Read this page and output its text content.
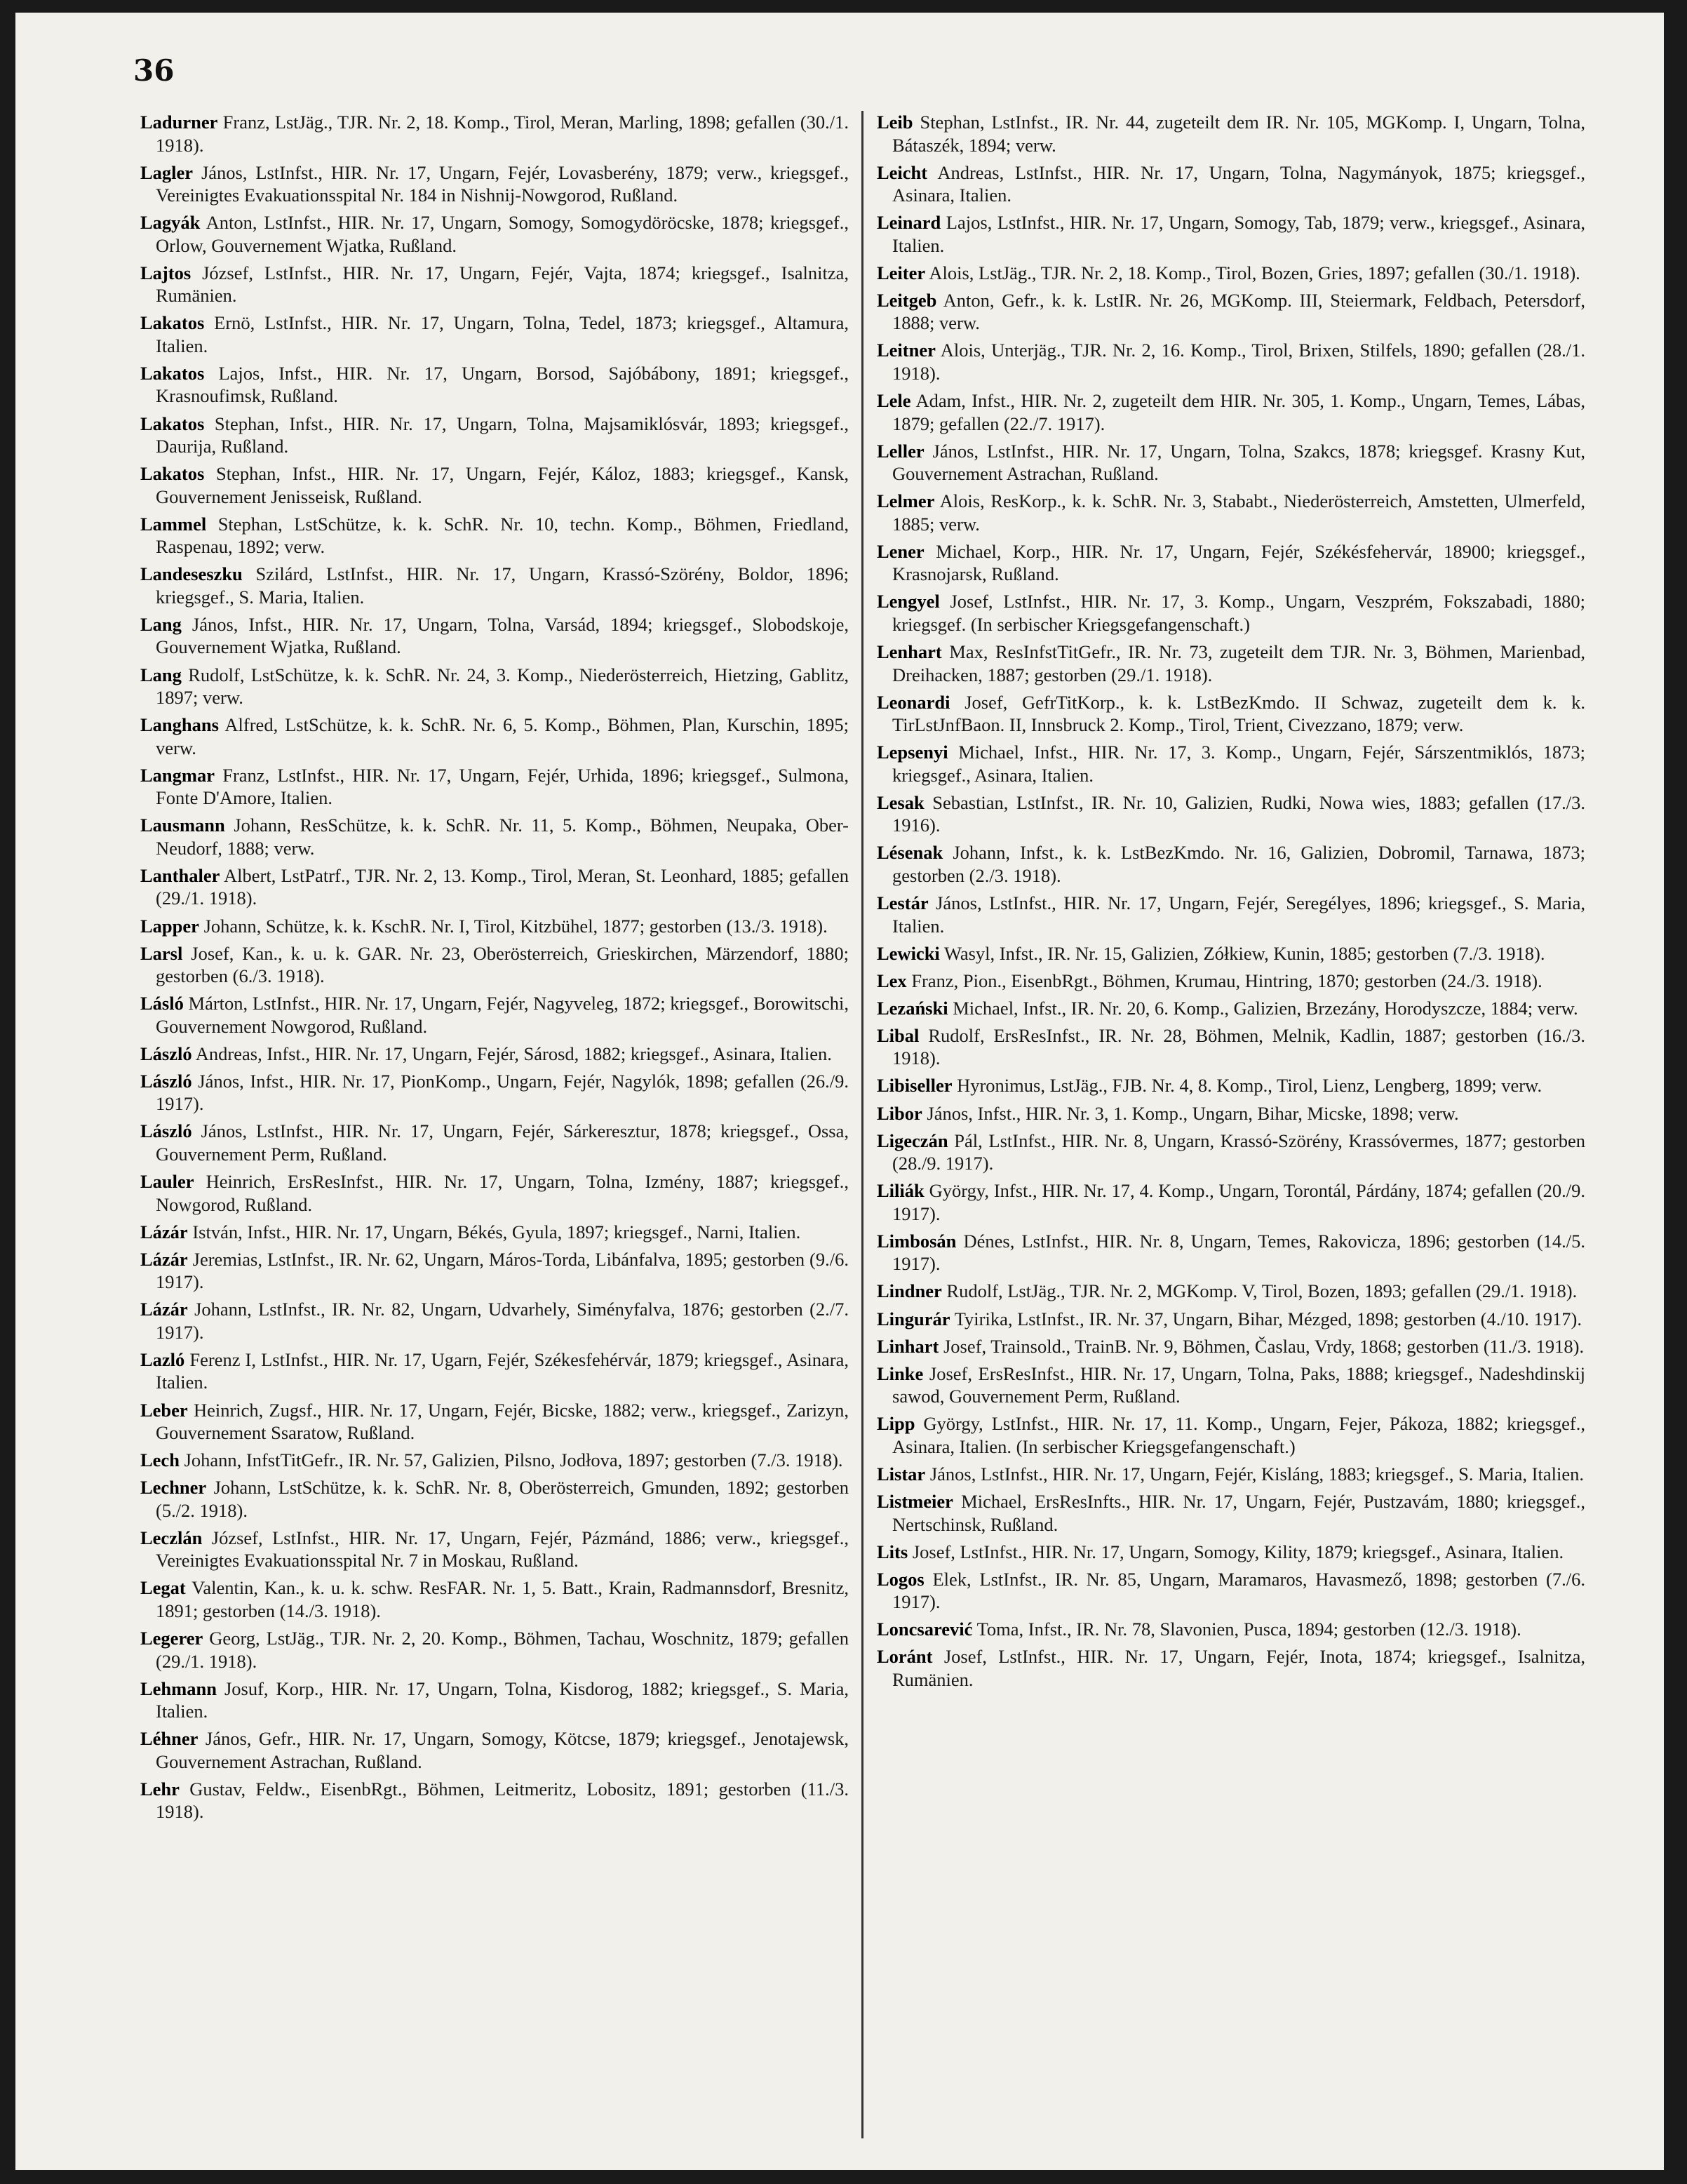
36

Ladurner Franz, LstJäg., TJR. Nr. 2, 18. Komp., Tirol, Meran, Marling, 1898; gefallen (30./1. 1918).

Lagler János, LstInfst., HIR. Nr. 17, Ungarn, Fejér, Lovasberény, 1879; verw., kriegsgef., Vereinigtes Evakuationsspital Nr. 184 in Nishnij-Nowgorod, Rußland.

Lagyák Anton, LstInfst., HIR. Nr. 17, Ungarn, Somogy, Somogydöröcske, 1878; kriegsgef., Orlow, Gouvernement Wjatka, Rußland.

Lajtos József, LstInfst., HIR. Nr. 17, Ungarn, Fejér, Vajta, 1874; kriegsgef., Isalnitza, Rumänien.

Lakatos Ernö, LstInfst., HIR. Nr. 17, Ungarn, Tolna, Tedel, 1873; kriegsgef., Altamura, Italien.

Lakatos Lajos, Infst., HIR. Nr. 17, Ungarn, Borsod, Sajóbábony, 1891; kriegsgef., Krasnoufimsk, Rußland.

Lakatos Stephan, Infst., HIR. Nr. 17, Ungarn, Tolna, Majsamiklósvár, 1893; kriegsgef., Daurija, Rußland.

Lakatos Stephan, Infst., HIR. Nr. 17, Ungarn, Fejér, Káloz, 1883; kriegsgef., Kansk, Gouvernement Jenisseisk, Rußland.

Lammel Stephan, LstSchütze, k. k. SchR. Nr. 10, techn. Komp., Böhmen, Friedland, Raspenau, 1892; verw.

Landeseszku Szilárd, LstInfst., HIR. Nr. 17, Ungarn, Krassó-Szörény, Boldor, 1896; kriegsgef., S. Maria, Italien.

Lang János, Infst., HIR. Nr. 17, Ungarn, Tolna, Varsád, 1894; kriegsgef., Slobodskoje, Gouvernement Wjatka, Rußland.

Lang Rudolf, LstSchütze, k. k. SchR. Nr. 24, 3. Komp., Niederösterreich, Hietzing, Gablitz, 1897; verw.

Langhans Alfred, LstSchütze, k. k. SchR. Nr. 6, 5. Komp., Böhmen, Plan, Kurschin, 1895; verw.

Langmar Franz, LstInfst., HIR. Nr. 17, Ungarn, Fejér, Urhida, 1896; kriegsgef., Sulmona, Fonte D'Amore, Italien.

Lausmann Johann, ResSchütze, k. k. SchR. Nr. 11, 5. Komp., Böhmen, Neupaka, Ober-Neudorf, 1888; verw.

Lanthaler Albert, LstPatrf., TJR. Nr. 2, 13. Komp., Tirol, Meran, St. Leonhard, 1885; gefallen (29./1. 1918).

Lapper Johann, Schütze, k. k. KschR. Nr. I, Tirol, Kitzbühel, 1877; gestorben (13./3. 1918).

Larsl Josef, Kan., k. u. k. GAR. Nr. 23, Oberösterreich, Grieskirchen, Märzendorf, 1880; gestorben (6./3. 1918).

Lásló Márton, LstInfst., HIR. Nr. 17, Ungarn, Fejér, Nagyveleg, 1872; kriegsgef., Borowitschi, Gouvernement Nowgorod, Rußland.

László Andreas, Infst., HIR. Nr. 17, Ungarn, Fejér, Sárosd, 1882; kriegsgef., Asinara, Italien.

László János, Infst., HIR. Nr. 17, PionKomp., Ungarn, Fejér, Nagylók, 1898; gefallen (26./9. 1917).

László János, LstInfst., HIR. Nr. 17, Ungarn, Fejér, Sárkeresztur, 1878; kriegsgef., Ossa, Gouvernement Perm, Rußland.

Lauler Heinrich, ErsResInfst., HIR. Nr. 17, Ungarn, Tolna, Izmény, 1887; kriegsgef., Nowgorod, Rußland.

Lázár István, Infst., HIR. Nr. 17, Ungarn, Békés, Gyula, 1897; kriegsgef., Narni, Italien.

Lázár Jeremias, LstInfst., IR. Nr. 62, Ungarn, Máros-Torda, Libánfalva, 1895; gestorben (9./6. 1917).

Lázár Johann, LstInfst., IR. Nr. 82, Ungarn, Udvarhely, Siményfalva, 1876; gestorben (2./7. 1917).

Lazló Ferenz I, LstInfst., HIR. Nr. 17, Ugarn, Fejér, Székesfehérvár, 1879; kriegsgef., Asinara, Italien.

Leber Heinrich, Zugsf., HIR. Nr. 17, Ungarn, Fejér, Bicske, 1882; verw., kriegsgef., Zarizyn, Gouvernement Ssaratow, Rußland.

Lech Johann, InfstTitGefr., IR. Nr. 57, Galizien, Pilsno, Jodłova, 1897; gestorben (7./3. 1918).

Lechner Johann, LstSchütze, k. k. SchR. Nr. 8, Oberösterreich, Gmunden, 1892; gestorben (5./2. 1918).

Leczlán József, LstInfst., HIR. Nr. 17, Ungarn, Fejér, Pázmánd, 1886; verw., kriegsgef., Vereinigtes Evakuationsspital Nr. 7 in Moskau, Rußland.

Legat Valentin, Kan., k. u. k. schw. ResFAR. Nr. 1, 5. Batt., Krain, Radmannsdorf, Bresnitz, 1891; gestorben (14./3. 1918).

Legerer Georg, LstJäg., TJR. Nr. 2, 20. Komp., Böhmen, Tachau, Woschnitz, 1879; gefallen (29./1. 1918).

Lehmann Josuf, Korp., HIR. Nr. 17, Ungarn, Tolna, Kisdorog, 1882; kriegsgef., S. Maria, Italien.

Léhner János, Gefr., HIR. Nr. 17, Ungarn, Somogy, Kötcse, 1879; kriegsgef., Jenotajewsk, Gouvernement Astrachan, Rußland.

Lehr Gustav, Feldw., EisenbRgt., Böhmen, Leitmeritz, Lobositz, 1891; gestorben (11./3. 1918).

Leib Stephan, LstInfst., IR. Nr. 44, zugeteilt dem IR. Nr. 105, MGKomp. I, Ungarn, Tolna, Bátaszék, 1894; verw.

Leicht Andreas, LstInfst., HIR. Nr. 17, Ungarn, Tolna, Nagymányok, 1875; kriegsgef., Asinara, Italien.

Leinard Lajos, LstInfst., HIR. Nr. 17, Ungarn, Somogy, Tab, 1879; verw., kriegsgef., Asinara, Italien.

Leiter Alois, LstJäg., TJR. Nr. 2, 18. Komp., Tirol, Bozen, Gries, 1897; gefallen (30./1. 1918).

Leitgeb Anton, Gefr., k. k. LstIR. Nr. 26, MGKomp. III, Steiermark, Feldbach, Petersdorf, 1888; verw.

Leitner Alois, Unterjäg., TJR. Nr. 2, 16. Komp., Tirol, Brixen, Stilfels, 1890; gefallen (28./1. 1918).

Lele Adam, Infst., HIR. Nr. 2, zugeteilt dem HIR. Nr. 305, 1. Komp., Ungarn, Temes, Lábas, 1879; gefallen (22./7. 1917).

Leller János, LstInfst., HIR. Nr. 17, Ungarn, Tolna, Szakcs, 1878; kriegsgef. Krasny Kut, Gouvernement Astrachan, Rußland.

Lelmer Alois, ResKorp., k. k. SchR. Nr. 3, Stababt., Niederösterreich, Amstetten, Ulmerfeld, 1885; verw.

Lener Michael, Korp., HIR. Nr. 17, Ungarn, Fejér, Székésfehervár, 18900; kriegsgef., Krasnojarsk, Rußland.

Lengyel Josef, LstInfst., HIR. Nr. 17, 3. Komp., Ungarn, Veszprém, Fokszabadi, 1880; kriegsgef. (In serbischer Kriegsgefangenschaft.)

Lenhart Max, ResInfstTitGefr., IR. Nr. 73, zugeteilt dem TJR. Nr. 3, Böhmen, Marienbad, Dreihacken, 1887; gestorben (29./1. 1918).

Leonardi Josef, GefrTitKorp., k. k. LstBezKmdo. II Schwaz, zugeteilt dem k. k. TirLstJnfBaon. II, Innsbruck 2. Komp., Tirol, Trient, Civezzano, 1879; verw.

Lepsenyi Michael, Infst., HIR. Nr. 17, 3. Komp., Ungarn, Fejér, Sárszentmiklós, 1873; kriegsgef., Asinara, Italien.

Lesak Sebastian, LstInfst., IR. Nr. 10, Galizien, Rudki, Nowa wies, 1883; gefallen (17./3. 1916).

Lésenak Johann, Infst., k. k. LstBezKmdo. Nr. 16, Galizien, Dobromil, Tarnawa, 1873; gestorben (2./3. 1918).

Lestár János, LstInfst., HIR. Nr. 17, Ungarn, Fejér, Seregélyes, 1896; kriegsgef., S. Maria, Italien.

Lewicki Wasyl, Infst., IR. Nr. 15, Galizien, Zółkiew, Kunin, 1885; gestorben (7./3. 1918).

Lex Franz, Pion., EisenbRgt., Böhmen, Krumau, Hintring, 1870; gestorben (24./3. 1918).

Lezański Michael, Infst., IR. Nr. 20, 6. Komp., Galizien, Brzezány, Horodyszcze, 1884; verw.

Libal Rudolf, ErsResInfst., IR. Nr. 28, Böhmen, Melnik, Kadlin, 1887; gestorben (16./3. 1918).

Libiseller Hyronimus, LstJäg., FJB. Nr. 4, 8. Komp., Tirol, Lienz, Lengberg, 1899; verw.

Libor János, Infst., HIR. Nr. 3, 1. Komp., Ungarn, Bihar, Micske, 1898; verw.

Ligeczán Pál, LstInfst., HIR. Nr. 8, Ungarn, Krassó-Szörény, Krassóvermes, 1877; gestorben (28./9. 1917).

Liliák György, Infst., HIR. Nr. 17, 4. Komp., Ungarn, Torontál, Párdány, 1874; gefallen (20./9. 1917).

Limbosán Dénes, LstInfst., HIR. Nr. 8, Ungarn, Temes, Rakovicza, 1896; gestorben (14./5. 1917).

Lindner Rudolf, LstJäg., TJR. Nr. 2, MGKomp. V, Tirol, Bozen, 1893; gefallen (29./1. 1918).

Lingurár Tyirika, LstInfst., IR. Nr. 37, Ungarn, Bihar, Mézged, 1898; gestorben (4./10. 1917).

Linhart Josef, Trainsold., TrainB. Nr. 9, Böhmen, Časlau, Vrdy, 1868; gestorben (11./3. 1918).

Linke Josef, ErsResInfst., HIR. Nr. 17, Ungarn, Tolna, Paks, 1888; kriegsgef., Nadeshdinskij sawod, Gouvernement Perm, Rußland.

Lipp György, LstInfst., HIR. Nr. 17, 11. Komp., Ungarn, Fejer, Pákoza, 1882; kriegsgef., Asinara, Italien. (In serbischer Kriegsgefangenschaft.)

Listar János, LstInfst., HIR. Nr. 17, Ungarn, Fejér, Kisláng, 1883; kriegsgef., S. Maria, Italien.

Listmeier Michael, ErsResInfts., HIR. Nr. 17, Ungarn, Fejér, Pustzavám, 1880; kriegsgef., Nertschinsk, Rußland.

Lits Josef, LstInfst., HIR. Nr. 17, Ungarn, Somogy, Kility, 1879; kriegsgef., Asinara, Italien.

Logos Elek, LstInfst., IR. Nr. 85, Ungarn, Maramaros, Havasmező, 1898; gestorben (7./6. 1917).

Loncsarević Toma, Infst., IR. Nr. 78, Slavonien, Pusca, 1894; gestorben (12./3. 1918).

Loránt Josef, LstInfst., HIR. Nr. 17, Ungarn, Fejér, Inota, 1874; kriegsgef., Isalnitza, Rumänien.
